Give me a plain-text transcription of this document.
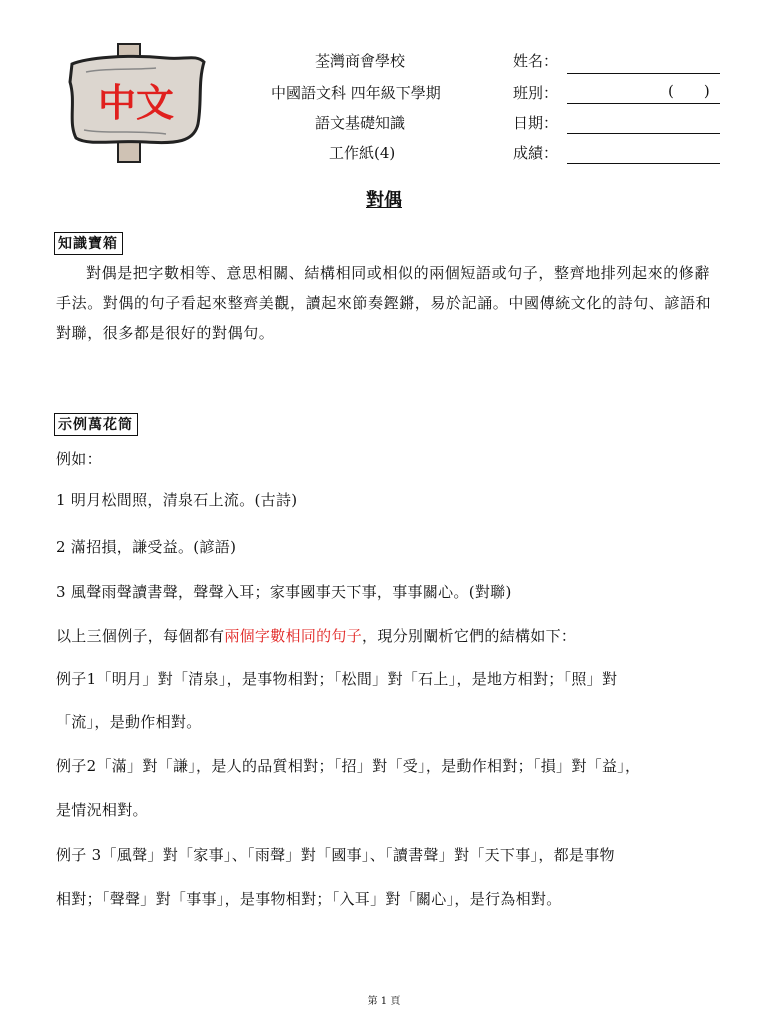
中文
荃灣商會學校
中國語文科 四年級下學期
語文基礎知識
工作紙(4)
姓名：
班別：	(　　)
日期：
成績：
對偶
知識寶箱
對偶是把字數相等、意思相關、結構相同或相似的兩個短語或句子，整齊地排列起來的修辭手法。對偶的句子看起來整齊美觀，讀起來節奏鏗鏘，易於記誦。中國傳統文化的詩句、諺語和對聯，很多都是很好的對偶句。
示例萬花筒
例如：
1 明月松間照，清泉石上流。(古詩)
2 滿招損，謙受益。(諺語)
3 風聲雨聲讀書聲，聲聲入耳；家事國事天下事，事事關心。(對聯)
以上三個例子，每個都有兩個字數相同的句子，現分別闡析它們的結構如下：
例子1「明月」對「清泉」，是事物相對；「松間」對「石上」，是地方相對；「照」對
「流」，是動作相對。
例子2「滿」對「謙」，是人的品質相對；「招」對「受」，是動作相對；「損」對「益」，
是情況相對。
例子 3「風聲」對「家事」、「雨聲」對「國事」、「讀書聲」對「天下事」，都是事物
相對；「聲聲」對「事事」，是事物相對；「入耳」對「關心」，是行為相對。
第 1 頁
